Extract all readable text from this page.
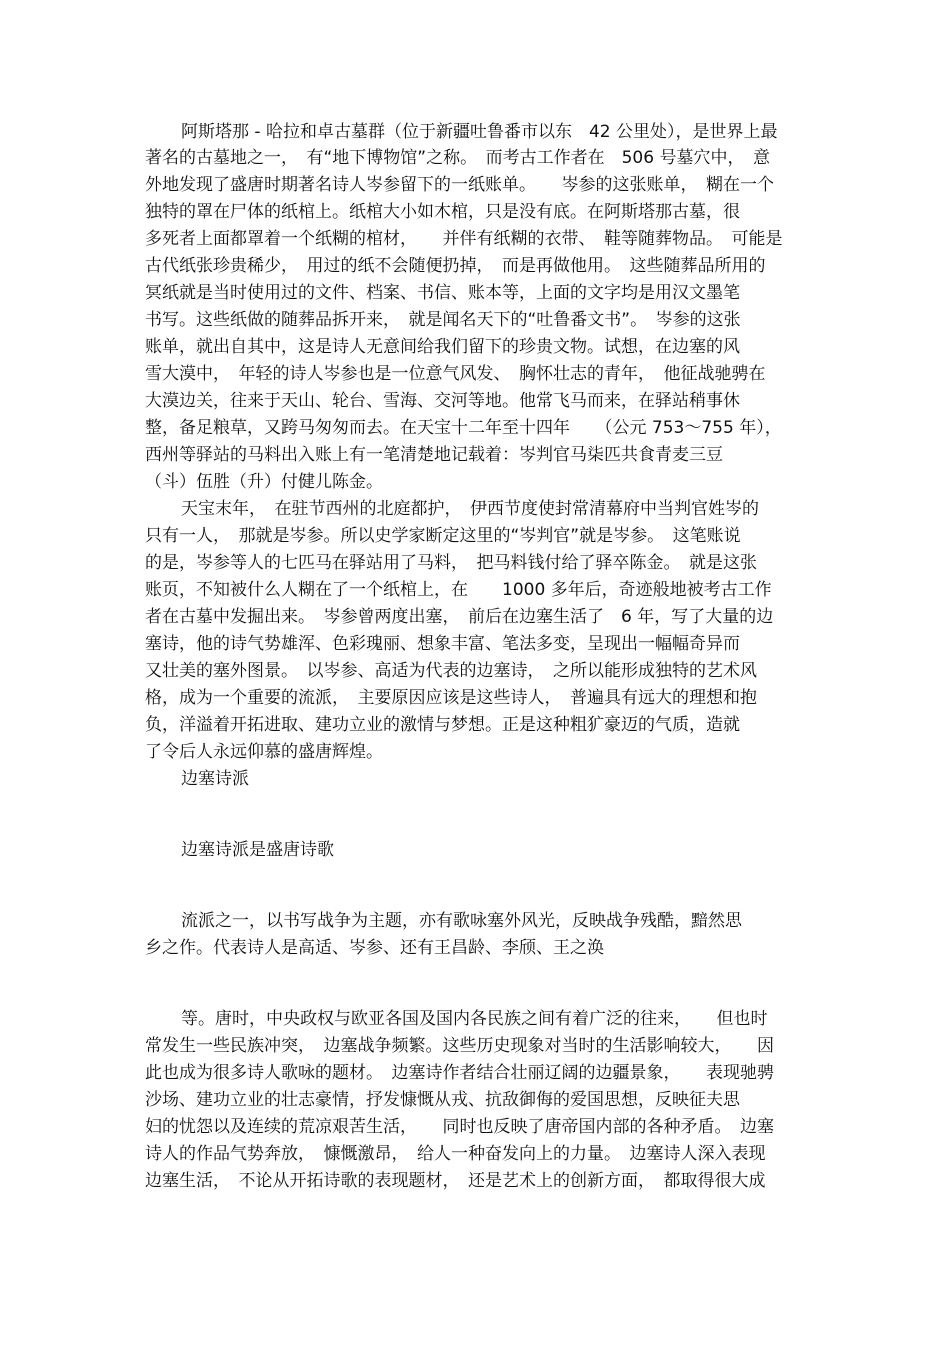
阿斯塔那 - 哈拉和卓古墓群（位于新疆吐鲁番市以东　42 公里处），是世界上最
著名的古墓地之一，　有“地下博物馆”之称。　而考古工作者在　506 号墓穴中，　意
外地发现了盛唐时期著名诗人岑参留下的一纸账单。　　岑参的这张账单，　糊在一个
独特的罩在尸体的纸棺上。纸棺大小如木棺，只是没有底。在阿斯塔那古墓，很
多死者上面都罩着一个纸糊的棺材，　　并伴有纸糊的衣带、　鞋等随葬物品。　可能是
古代纸张珍贵稀少，　用过的纸不会随便扔掉，　而是再做他用。　这些随葬品所用的
冥纸就是当时使用过的文件、档案、书信、账本等，上面的文字均是用汉文墨笔
书写。这些纸做的随葬品拆开来，　就是闻名天下的“吐鲁番文书”。　岑参的这张
账单，就出自其中，这是诗人无意间给我们留下的珍贵文物。试想，在边塞的风
雪大漠中，　年轻的诗人岑参也是一位意气风发、　胸怀壮志的青年，　他征战驰骋在
大漠边关，往来于天山、轮台、雪海、交河等地。他常飞马而来，在驿站稍事休
整，备足粮草，又跨马匆匆而去。在天宝十二年至十四年　　（公元 753～755 年），
西州等驿站的马料出入账上有一笔清楚地记载着：岑判官马柒匹共食青麦三豆
（斗）伍胜（升）付健儿陈金。
天宝末年，　在驻节西州的北庭都护，　伊西节度使封常清幕府中当判官姓岑的
只有一人，　那就是岑参。所以史学家断定这里的“岑判官”就是岑参。　这笔账说
的是，岑参等人的七匹马在驿站用了马料，　把马料钱付给了驿卒陈金。　就是这张
账页，不知被什么人糊在了一个纸棺上，在　　1000 多年后，奇迹般地被考古工作
者在古墓中发掘出来。　岑参曾两度出塞，　前后在边塞生活了　6 年，写了大量的边
塞诗，他的诗气势雄浑、色彩瑰丽、想象丰富、笔法多变，呈现出一幅幅奇异而
又壮美的塞外图景。　以岑参、高适为代表的边塞诗，　之所以能形成独特的艺术风
格，成为一个重要的流派，　主要原因应该是这些诗人，　普遍具有远大的理想和抱
负，洋溢着开拓进取、建功立业的激情与梦想。正是这种粗犷豪迈的气质，造就
了令后人永远仰慕的盛唐辉煌。
边塞诗派
边塞诗派是盛唐诗歌
流派之一，以书写战争为主题，亦有歌咏塞外风光，反映战争残酷，黯然思
乡之作。代表诗人是高适、岑参、还有王昌龄、李颀、王之涣
等。唐时，中央政权与欧亚各国及国内各民族之间有着广泛的往来，　　但也时
常发生一些民族冲突，　边塞战争频繁。这些历史现象对当时的生活影响较大，　　因
此也成为很多诗人歌咏的题材。　边塞诗作者结合壮丽辽阔的边疆景象，　　表现驰骋
沙场、建功立业的壮志豪情，抒发慷慨从戎、抗敌御侮的爱国思想，反映征夫思
妇的忧怨以及连续的荒凉艰苦生活，　　同时也反映了唐帝国内部的各种矛盾。　边塞
诗人的作品气势奔放，　慷慨激昂，　给人一种奋发向上的力量。　边塞诗人深入表现
边塞生活，　不论从开拓诗歌的表现题材，　还是艺术上的创新方面，　都取得很大成
